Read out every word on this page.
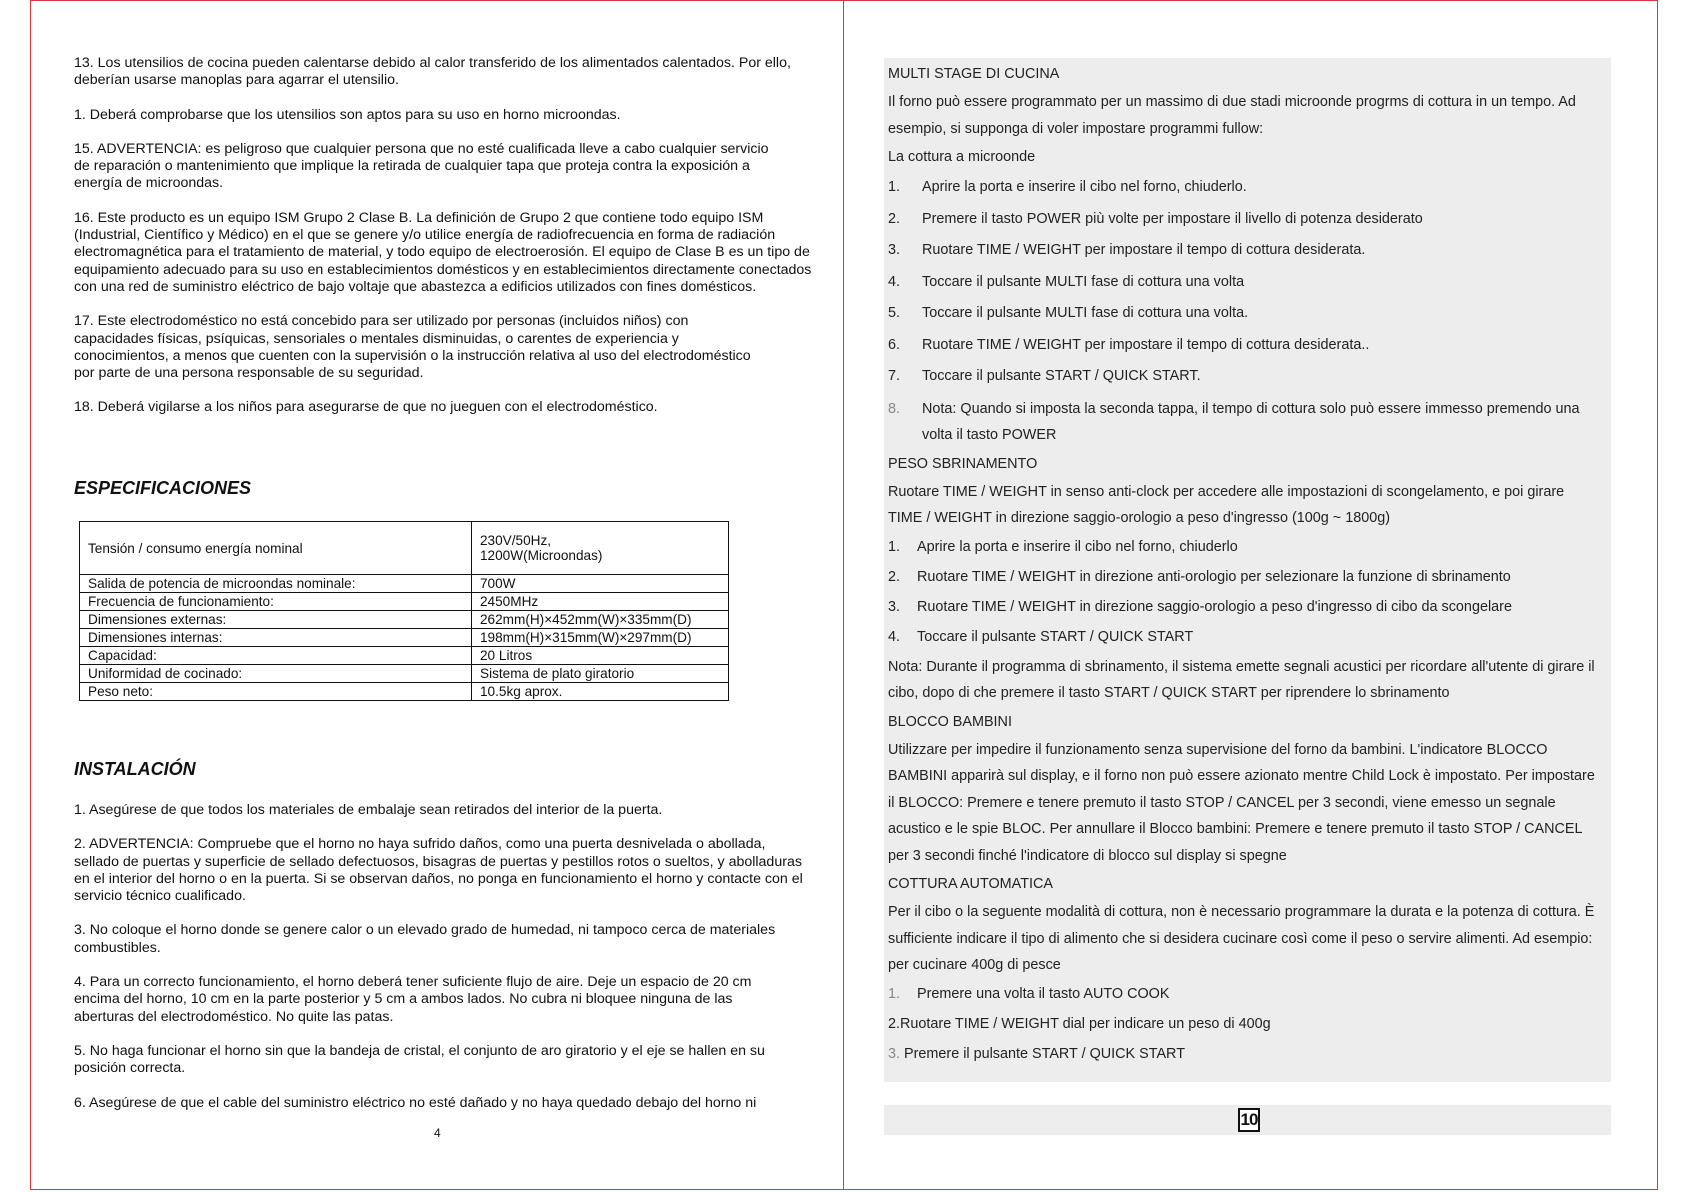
13. Los utensilios de cocina pueden calentarse debido al calor transferido de los alimentados calentados. Por ello, deberían usarse manoplas para agarrar el utensilio.

1. Deberá comprobarse que los utensilios son aptos para su uso en horno microondas.

15. ADVERTENCIA: es peligroso que cualquier persona que no esté cualificada lleve a cabo cualquier servicio de reparación o mantenimiento que implique la retirada de cualquier tapa que proteja contra la exposición a energía de microondas.

16. Este producto es un equipo ISM Grupo 2 Clase B. La definición de Grupo 2 que contiene todo equipo ISM (Industrial, Científico y Médico) en el que se genere y/o utilice energía de radiofrecuencia en forma de radiación electromagnética para el tratamiento de material, y todo equipo de electroerosión. El equipo de Clase B es un tipo de equipamiento adecuado para su uso en establecimientos domésticos y en establecimientos directamente conectados con una red de suministro eléctrico de bajo voltaje que abastezca a edificios utilizados con fines domésticos.

17. Este electrodoméstico no está concebido para ser utilizado por personas (incluidos niños) con capacidades físicas, psíquicas, sensoriales o mentales disminuidas, o carentes de experiencia y conocimientos, a menos que cuenten con la supervisión o la instrucción relativa al uso del electrodoméstico por parte de una persona responsable de su seguridad.

18. Deberá vigilarse a los niños para asegurarse de que no jueguen con el electrodoméstico.

ESPECIFICACIONES
Tensión / consumo energía nominal	230V/50Hz,
1200W(Microondas)

Salida de potencia de microondas nominale:	700W
Frecuencia de funcionamiento:	2450MHz
Dimensiones externas:	262mm(H)×452mm(W)×335mm(D)
Dimensiones internas:	198mm(H)×315mm(W)×297mm(D)
Capacidad:	20 Litros
Uniformidad de cocinado:	Sistema de plato giratorio
Peso neto:	10.5kg aprox.
INSTALACIÓN

1. Asegúrese de que todos los materiales de embalaje sean retirados del interior de la puerta.

2. ADVERTENCIA: Compruebe que el horno no haya sufrido daños, como una puerta desnivelada o abollada, sellado de puertas y superficie de sellado defectuosos, bisagras de puertas y pestillos rotos o sueltos, y abolladuras en el interior del horno o en la puerta. Si se observan daños, no ponga en funcionamiento el horno y contacte con el servicio técnico cualificado.

3. No coloque el horno donde se genere calor o un elevado grado de humedad, ni tampoco cerca de materiales combustibles.

4. Para un correcto funcionamiento, el horno deberá tener suficiente flujo de aire. Deje un espacio de 20 cm encima del horno, 10 cm en la parte posterior y 5 cm a ambos lados. No cubra ni bloquee ninguna de las aberturas del electrodoméstico. No quite las patas.

5. No haga funcionar el horno sin que la bandeja de cristal, el conjunto de aro giratorio y el eje se hallen en su posición correcta.

6. Asegúrese de que el cable del suministro eléctrico no esté dañado y no haya quedado debajo del horno ni

4
MULTI STAGE DI CUCINA
Il forno può essere programmato per un massimo di due stadi microonde progrms di cottura in un tempo. Ad
esempio, si supponga di voler impostare programmi fullow:
La cottura a microonde
1.	Aprire la porta e inserire il cibo nel forno, chiuderlo.
2.	Premere il tasto POWER più volte per impostare il livello di potenza desiderato
3.	Ruotare TIME / WEIGHT per impostare il tempo di cottura desiderata.
4.	Toccare il pulsante MULTI fase di cottura una volta
5.	Toccare il pulsante MULTI fase di cottura una volta.
6.	Ruotare TIME / WEIGHT per impostare il tempo di cottura desiderata..
7.	Toccare il pulsante START / QUICK START.
8.	Nota: Quando si imposta la seconda tappa, il tempo di cottura solo può essere immesso premendo una
volta il tasto POWER
PESO SBRINAMENTO
Ruotare TIME / WEIGHT in senso anti-clock per accedere alle impostazioni di scongelamento, e poi girare
TIME / WEIGHT in direzione saggio-orologio a peso d'ingresso (100g ~ 1800g)
1.	Aprire la porta e inserire il cibo nel forno, chiuderlo
2.	Ruotare TIME / WEIGHT in direzione anti-orologio per selezionare la funzione di sbrinamento
3.	Ruotare TIME / WEIGHT in direzione saggio-orologio a peso d'ingresso di cibo da scongelare
4.	Toccare il pulsante START / QUICK START
Nota: Durante il programma di sbrinamento, il sistema emette segnali acustici per ricordare all'utente di girare il
cibo, dopo di che premere il tasto START / QUICK START per riprendere lo sbrinamento
BLOCCO BAMBINI
Utilizzare per impedire il funzionamento senza supervisione del forno da bambini. L'indicatore BLOCCO
BAMBINI apparirà sul display, e il forno non può essere azionato mentre Child Lock è impostato. Per impostare
il BLOCCO: Premere e tenere premuto il tasto STOP / CANCEL per 3 secondi, viene emesso un segnale
acustico e le spie BLOC. Per annullare il Blocco bambini: Premere e tenere premuto il tasto STOP / CANCEL
per 3 secondi finché l'indicatore di blocco sul display si spegne
COTTURA AUTOMATICA
Per il cibo o la seguente modalità di cottura, non è necessario programmare la durata e la potenza di cottura. È
sufficiente indicare il tipo di alimento che si desidera cucinare così come il peso o servire alimenti. Ad esempio:
per cucinare 400g di pesce
1.	Premere una volta il tasto AUTO COOK
2.Ruotare TIME / WEIGHT dial per indicare un peso di 400g
3. Premere il pulsante START / QUICK START
10
